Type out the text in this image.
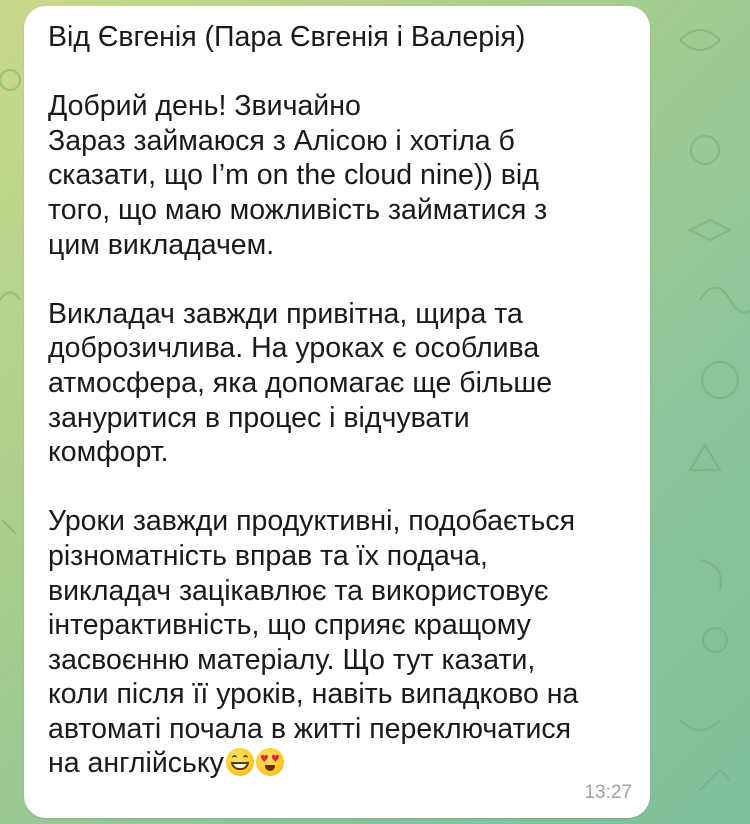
Від Євгенія (Пара Євгенія і Валерія)
Добрий день! Звичайно
Зараз займаюся з Алісою і хотіла б
сказати, що I’m on the cloud nine)) від
того, що маю можливість займатися з
цим викладачем.
Викладач завжди привітна, щира та
доброзичлива. На уроках є особлива
атмосфера, яка допомагає ще більше
зануритися в процес і відчувати
комфорт.
Уроки завжди продуктивні, подобається
різноматність вправ та їх подача,
викладач зацікавлює та використовує
інтерактивність, що сприяє кращому
засвоєнню матеріалу. Що тут казати,
коли після її уроків, навіть випадково на
автоматі почала в житті переключатися
на англійську	♥ ♥
13:27
